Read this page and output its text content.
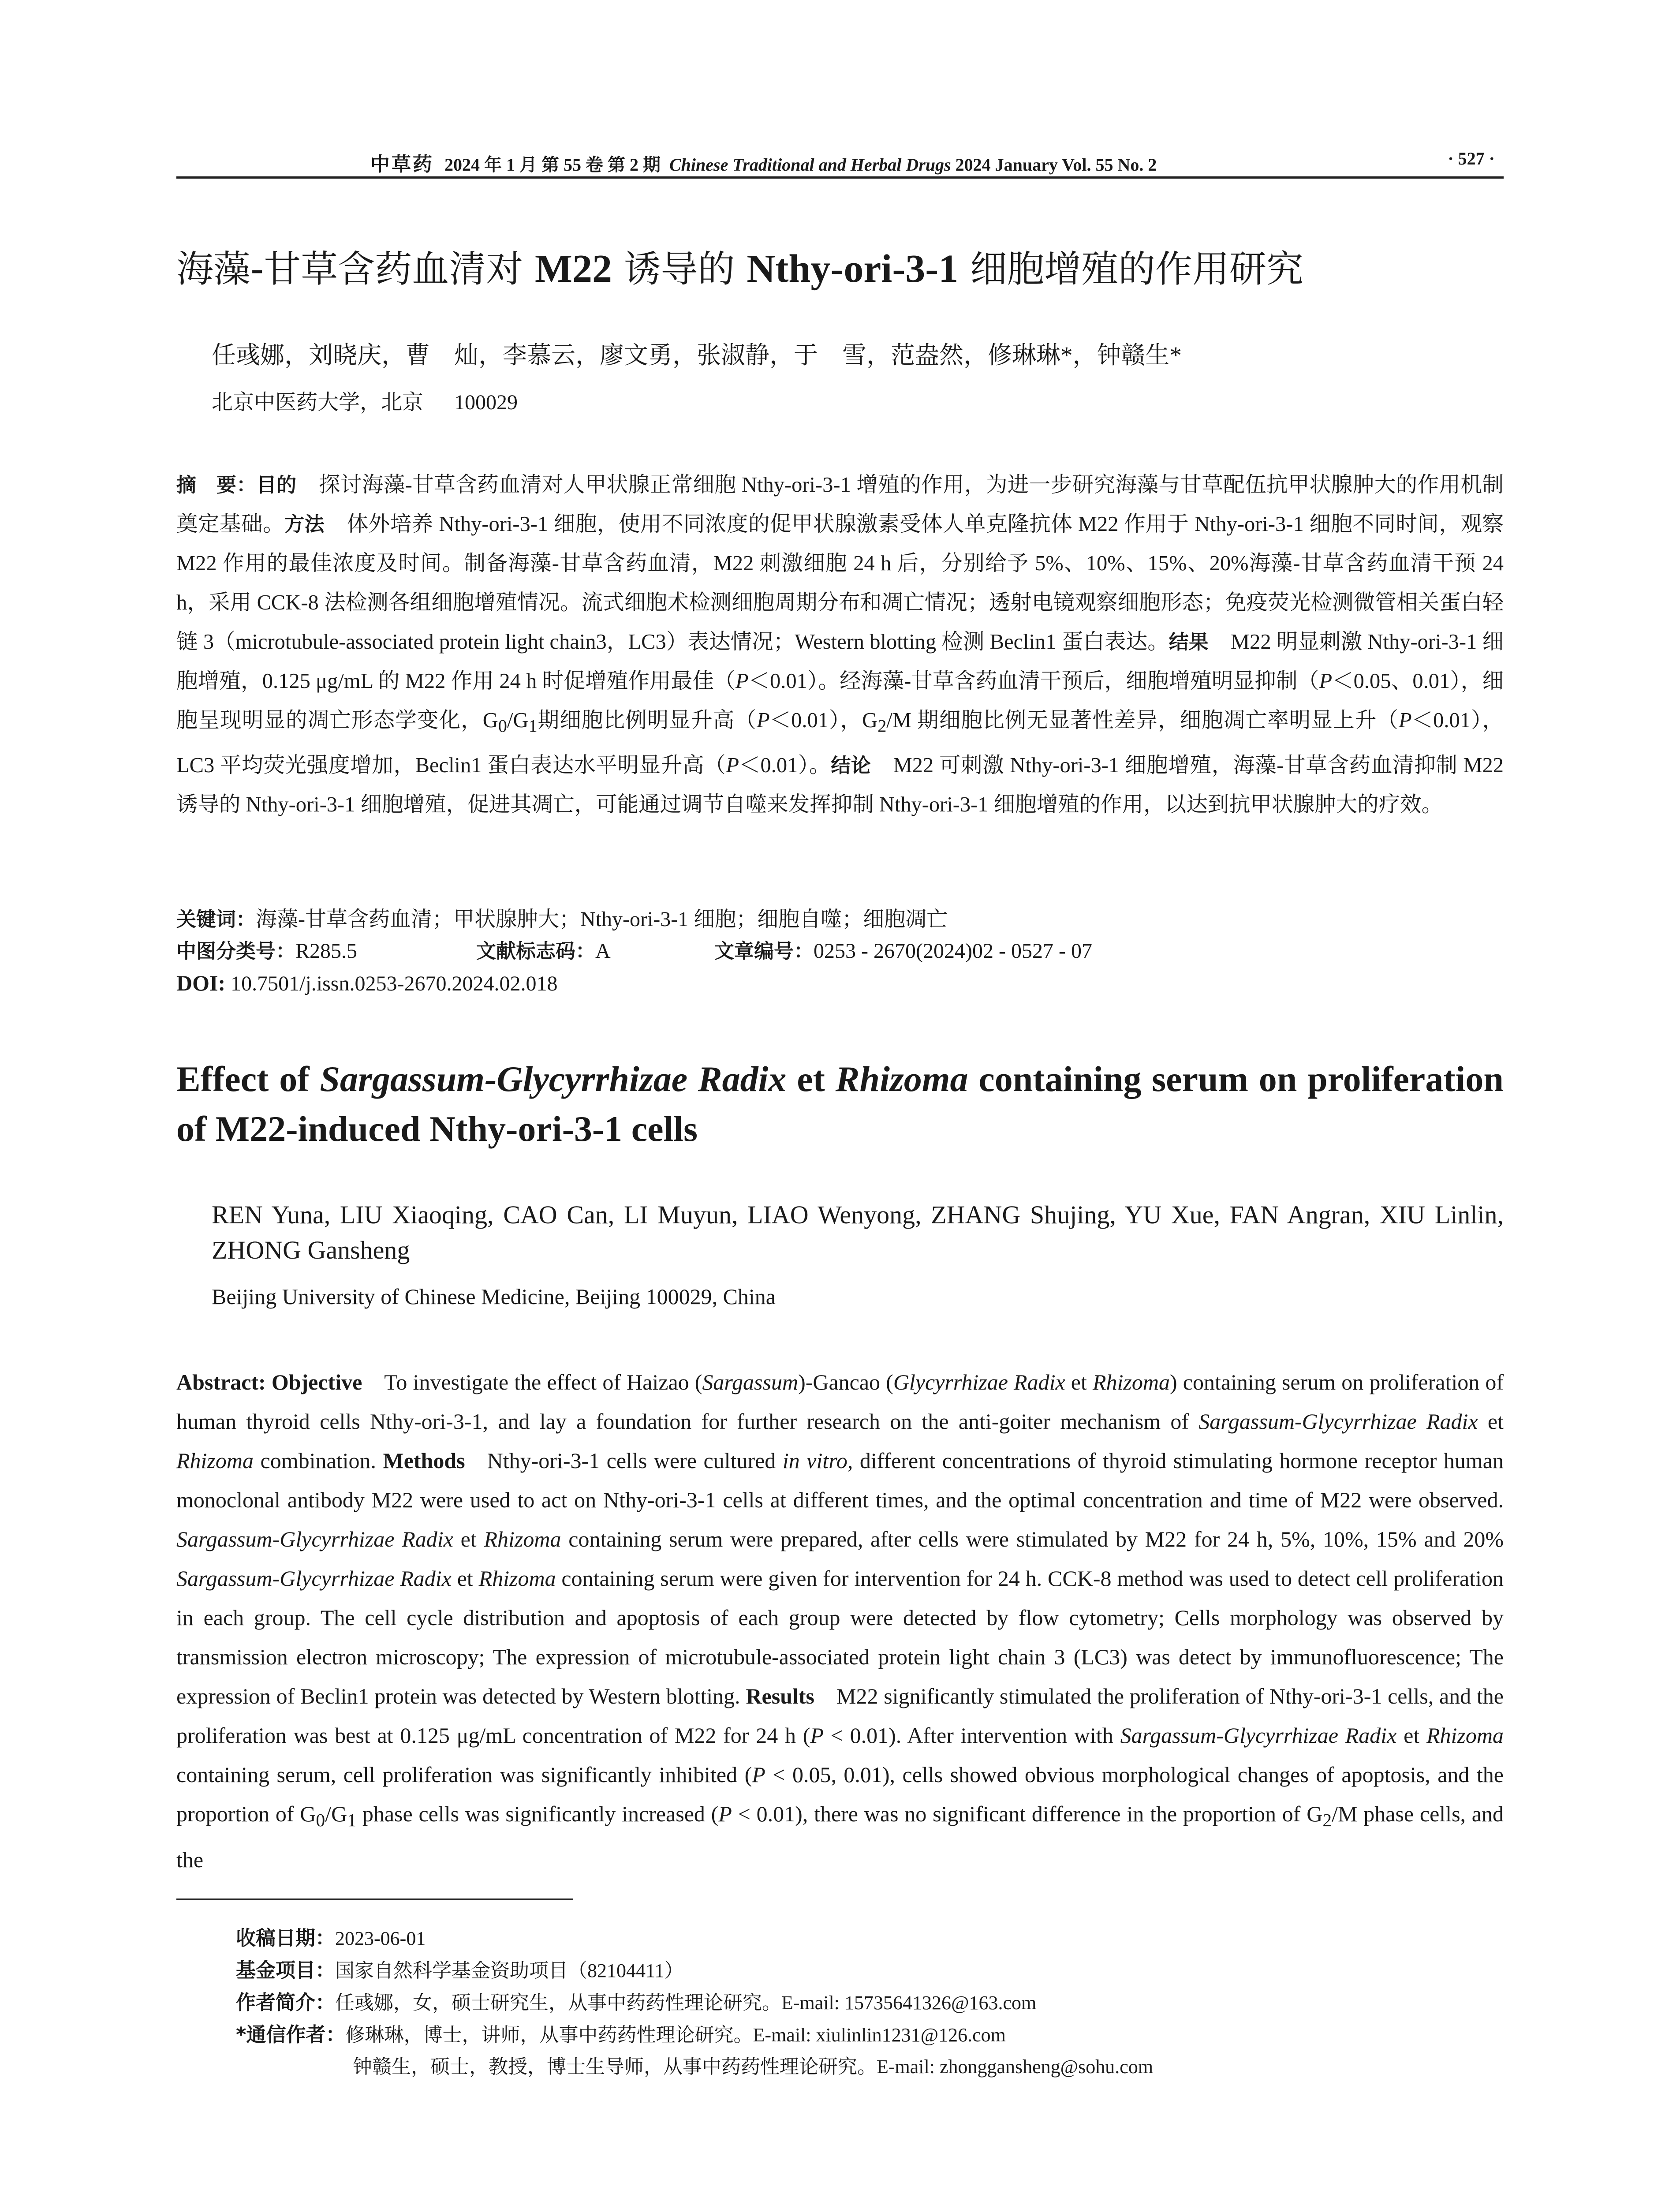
中草药 2024 年 1 月 第 55 卷 第 2 期 Chinese Traditional and Herbal Drugs 2024 January Vol. 55 No. 2	· 527 ·
海藻-甘草含药血清对 M22 诱导的 Nthy-ori-3-1 细胞增殖的作用研究
任彧娜，刘晓庆，曹　灿，李慕云，廖文勇，张淑静，于　雪，范盎然，修琳琳*，钟赣生*
北京中医药大学，北京 100029
摘　要：目的 探讨海藻-甘草含药血清对人甲状腺正常细胞 Nthy-ori-3-1 增殖的作用，为进一步研究海藻与甘草配伍抗甲状腺肿大的作用机制奠定基础。方法 体外培养 Nthy-ori-3-1 细胞，使用不同浓度的促甲状腺激素受体人单克隆抗体 M22 作用于 Nthy-ori-3-1 细胞不同时间，观察 M22 作用的最佳浓度及时间。制备海藻-甘草含药血清，M22 刺激细胞 24 h 后，分别给予 5%、10%、15%、20%海藻-甘草含药血清干预 24 h，采用 CCK-8 法检测各组细胞增殖情况。流式细胞术检测细胞周期分布和凋亡情况；透射电镜观察细胞形态；免疫荧光检测微管相关蛋白轻链 3（microtubule-associated protein light chain3，LC3）表达情况；Western blotting 检测 Beclin1 蛋白表达。结果 M22 明显刺激 Nthy-ori-3-1 细胞增殖，0.125 μg/mL 的 M22 作用 24 h 时促增殖作用最佳（P＜0.01）。经海藻-甘草含药血清干预后，细胞增殖明显抑制（P＜0.05、0.01），细胞呈现明显的凋亡形态学变化，$G_0/G_1$期细胞比例明显升高（P＜0.01），$G_2/M$ 期细胞比例无显著性差异，细胞凋亡率明显上升（P＜0.01），LC3 平均荧光强度增加，Beclin1 蛋白表达水平明显升高（P＜0.01）。结论 M22 可刺激 Nthy-ori-3-1 细胞增殖，海藻-甘草含药血清抑制 M22 诱导的 Nthy-ori-3-1 细胞增殖，促进其凋亡，可能通过调节自噬来发挥抑制 Nthy-ori-3-1 细胞增殖的作用，以达到抗甲状腺肿大的疗效。
关键词：海藻-甘草含药血清；甲状腺肿大；Nthy-ori-3-1 细胞；细胞自噬；细胞凋亡
中图分类号：R285.5	文献标志码：A	文章编号：0253 - 2670(2024)02 - 0527 - 07
DOI: 10.7501/j.issn.0253-2670.2024.02.018
Effect of Sargassum-Glycyrrhizae Radix et Rhizoma containing serum on proliferation of M22-induced Nthy-ori-3-1 cells
REN Yuna, LIU Xiaoqing, CAO Can, LI Muyun, LIAO Wenyong, ZHANG Shujing, YU Xue, FAN Angran, XIU Linlin, ZHONG Gansheng
Beijing University of Chinese Medicine, Beijing 100029, China
Abstract: Objective To investigate the effect of Haizao (Sargassum)-Gancao (Glycyrrhizae Radix et Rhizoma) containing serum on proliferation of human thyroid cells Nthy-ori-3-1, and lay a foundation for further research on the anti-goiter mechanism of Sargassum-Glycyrrhizae Radix et Rhizoma combination. Methods Nthy-ori-3-1 cells were cultured in vitro, different concentrations of thyroid stimulating hormone receptor human monoclonal antibody M22 were used to act on Nthy-ori-3-1 cells at different times, and the optimal concentration and time of M22 were observed. Sargassum-Glycyrrhizae Radix et Rhizoma containing serum were prepared, after cells were stimulated by M22 for 24 h, 5%, 10%, 15% and 20% Sargassum-Glycyrrhizae Radix et Rhizoma containing serum were given for intervention for 24 h. CCK-8 method was used to detect cell proliferation in each group. The cell cycle distribution and apoptosis of each group were detected by flow cytometry; Cells morphology was observed by transmission electron microscopy; The expression of microtubule-associated protein light chain 3 (LC3) was detect by immunofluorescence; The expression of Beclin1 protein was detected by Western blotting. Results M22 significantly stimulated the proliferation of Nthy-ori-3-1 cells, and the proliferation was best at 0.125 μg/mL concentration of M22 for 24 h (P < 0.01). After intervention with Sargassum-Glycyrrhizae Radix et Rhizoma containing serum, cell proliferation was significantly inhibited (P < 0.05, 0.01), cells showed obvious morphological changes of apoptosis, and the proportion of $G_0/G_1$ phase cells was significantly increased (P < 0.01), there was no significant difference in the proportion of $G_2/M$ phase cells, and the
收稿日期：2023-06-01
基金项目：国家自然科学基金资助项目（82104411）
作者简介：任彧娜，女，硕士研究生，从事中药药性理论研究。E-mail: 15735641326@163.com
*通信作者：修琳琳，博士，讲师，从事中药药性理论研究。E-mail: xiulinlin1231@126.com
钟赣生，硕士，教授，博士生导师，从事中药药性理论研究。E-mail: zhonggansheng@sohu.com
